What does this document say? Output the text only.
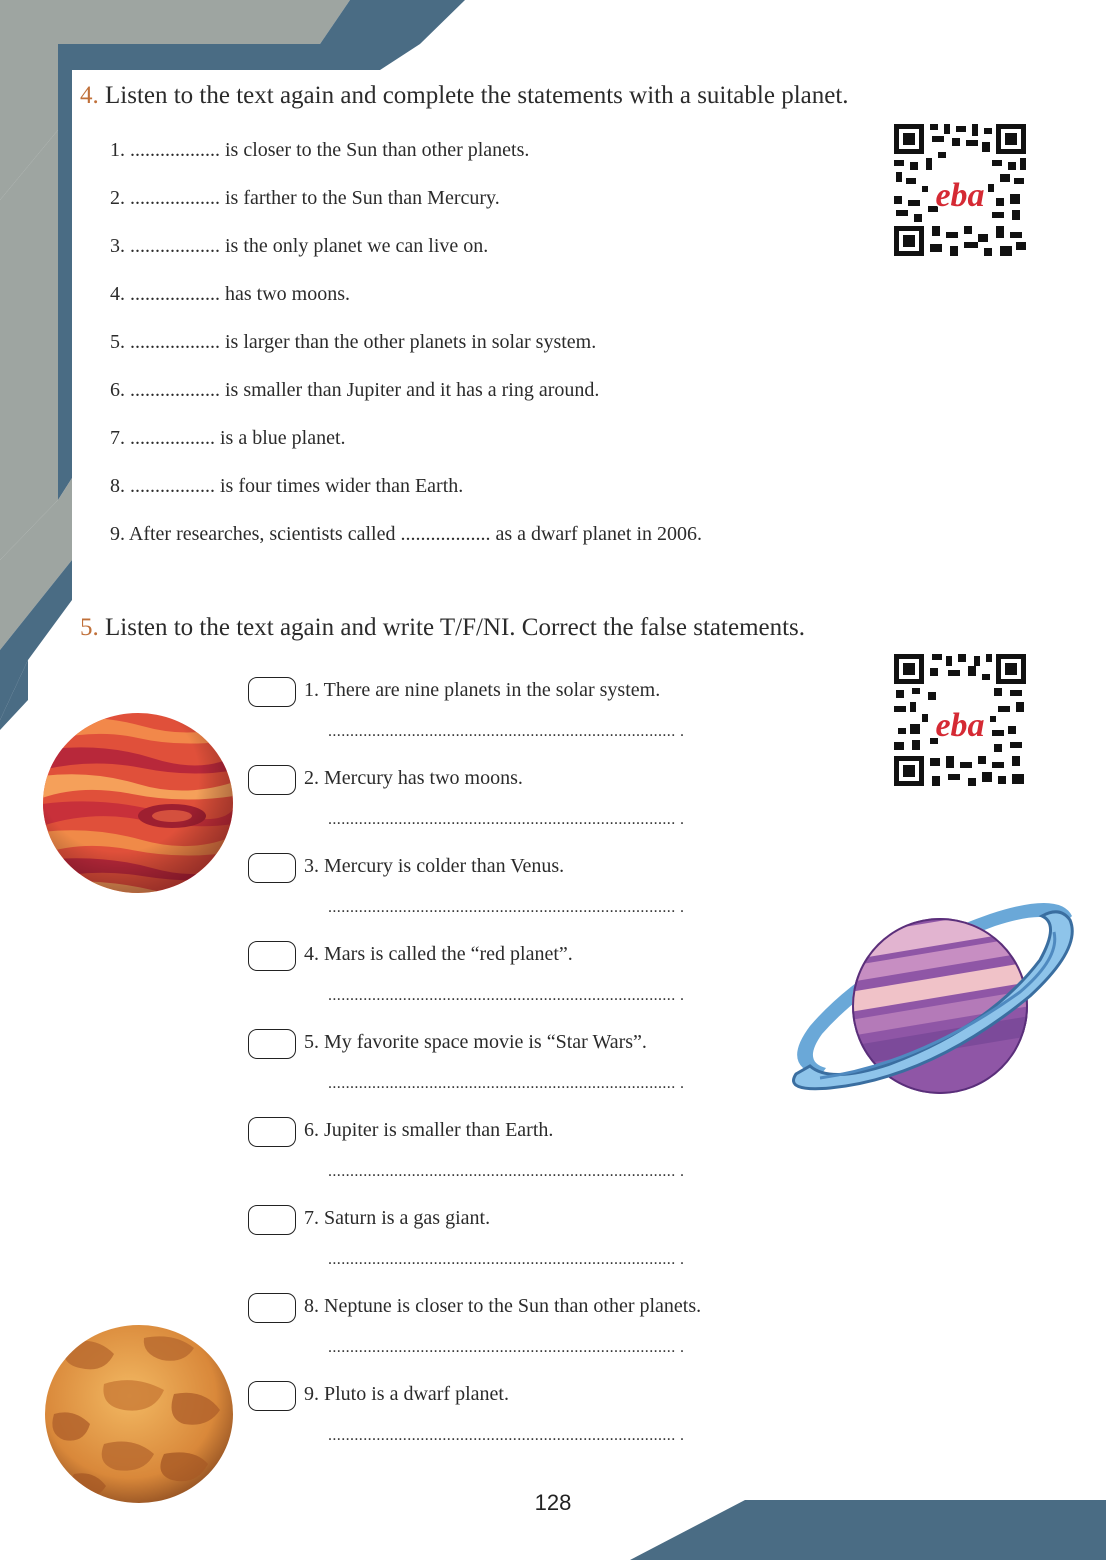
4. Listen to the text again and complete the statements with a suitable planet.
1. .................. is closer to the Sun than other planets.
2. .................. is farther to the Sun than Mercury.
3. .................. is the only planet we can live on.
4. .................. has two moons.
5. .................. is larger than the other planets in solar system.
6. .................. is smaller than Jupiter and it has a ring around.
7. ................. is a blue planet.
8. ................. is four times wider than Earth.
9. After researches, scientists called .................. as a dwarf planet in 2006.
eba
5. Listen to the text again and write T/F/NI. Correct the false statements.
eba
1. There are nine planets in the solar system.
............................................................................... .
2. Mercury has two moons.
............................................................................... .
3. Mercury is colder than Venus.
............................................................................... .
4. Mars is called the “red planet”.
............................................................................... .
5. My favorite space movie is “Star Wars”.
............................................................................... .
6. Jupiter is smaller than Earth.
............................................................................... .
7. Saturn is a gas giant.
............................................................................... .
8. Neptune is closer to the Sun than other planets.
............................................................................... .
9. Pluto is a dwarf planet.
............................................................................... .
128
